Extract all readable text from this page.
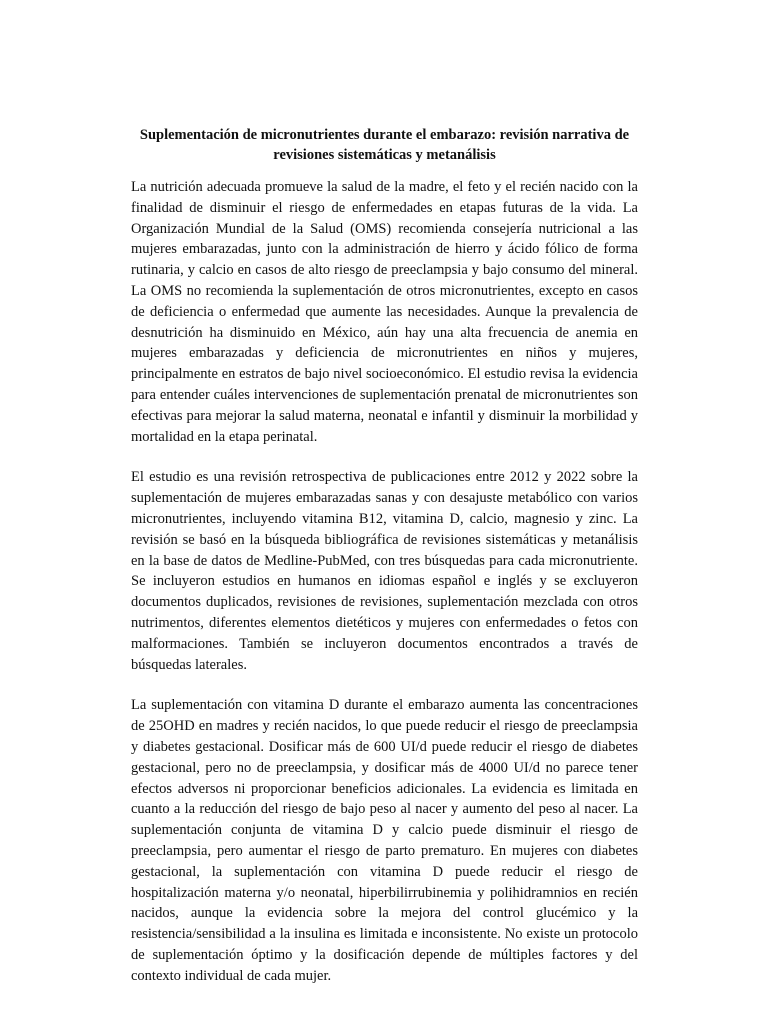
Suplementación de micronutrientes durante el embarazo: revisión narrativa de revisiones sistemáticas y metanálisis

La nutrición adecuada promueve la salud de la madre, el feto y el recién nacido con la finalidad de disminuir el riesgo de enfermedades en etapas futuras de la vida. La Organización Mundial de la Salud (OMS) recomienda consejería nutricional a las mujeres embarazadas, junto con la administración de hierro y ácido fólico de forma rutinaria, y calcio en casos de alto riesgo de preeclampsia y bajo consumo del mineral. La OMS no recomienda la suplementación de otros micronutrientes, excepto en casos de deficiencia o enfermedad que aumente las necesidades. Aunque la prevalencia de desnutrición ha disminuido en México, aún hay una alta frecuencia de anemia en mujeres embarazadas y deficiencia de micronutrientes en niños y mujeres, principalmente en estratos de bajo nivel socioeconómico. El estudio revisa la evidencia para entender cuáles intervenciones de suplementación prenatal de micronutrientes son efectivas para mejorar la salud materna, neonatal e infantil y disminuir la morbilidad y mortalidad en la etapa perinatal.

El estudio es una revisión retrospectiva de publicaciones entre 2012 y 2022 sobre la suplementación de mujeres embarazadas sanas y con desajuste metabólico con varios micronutrientes, incluyendo vitamina B12, vitamina D, calcio, magnesio y zinc. La revisión se basó en la búsqueda bibliográfica de revisiones sistemáticas y metanálisis en la base de datos de Medline-PubMed, con tres búsquedas para cada micronutriente. Se incluyeron estudios en humanos en idiomas español e inglés y se excluyeron documentos duplicados, revisiones de revisiones, suplementación mezclada con otros nutrimentos, diferentes elementos dietéticos y mujeres con enfermedades o fetos con malformaciones. También se incluyeron documentos encontrados a través de búsquedas laterales.

La suplementación con vitamina D durante el embarazo aumenta las concentraciones de 25OHD en madres y recién nacidos, lo que puede reducir el riesgo de preeclampsia y diabetes gestacional. Dosificar más de 600 UI/d puede reducir el riesgo de diabetes gestacional, pero no de preeclampsia, y dosificar más de 4000 UI/d no parece tener efectos adversos ni proporcionar beneficios adicionales. La evidencia es limitada en cuanto a la reducción del riesgo de bajo peso al nacer y aumento del peso al nacer. La suplementación conjunta de vitamina D y calcio puede disminuir el riesgo de preeclampsia, pero aumentar el riesgo de parto prematuro. En mujeres con diabetes gestacional, la suplementación con vitamina D puede reducir el riesgo de hospitalización materna y/o neonatal, hiperbilirrubinemia y polihidramnios en recién nacidos, aunque la evidencia sobre la mejora del control glucémico y la resistencia/sensibilidad a la insulina es limitada e inconsistente. No existe un protocolo de suplementación óptimo y la dosificación depende de múltiples factores y del contexto individual de cada mujer.
